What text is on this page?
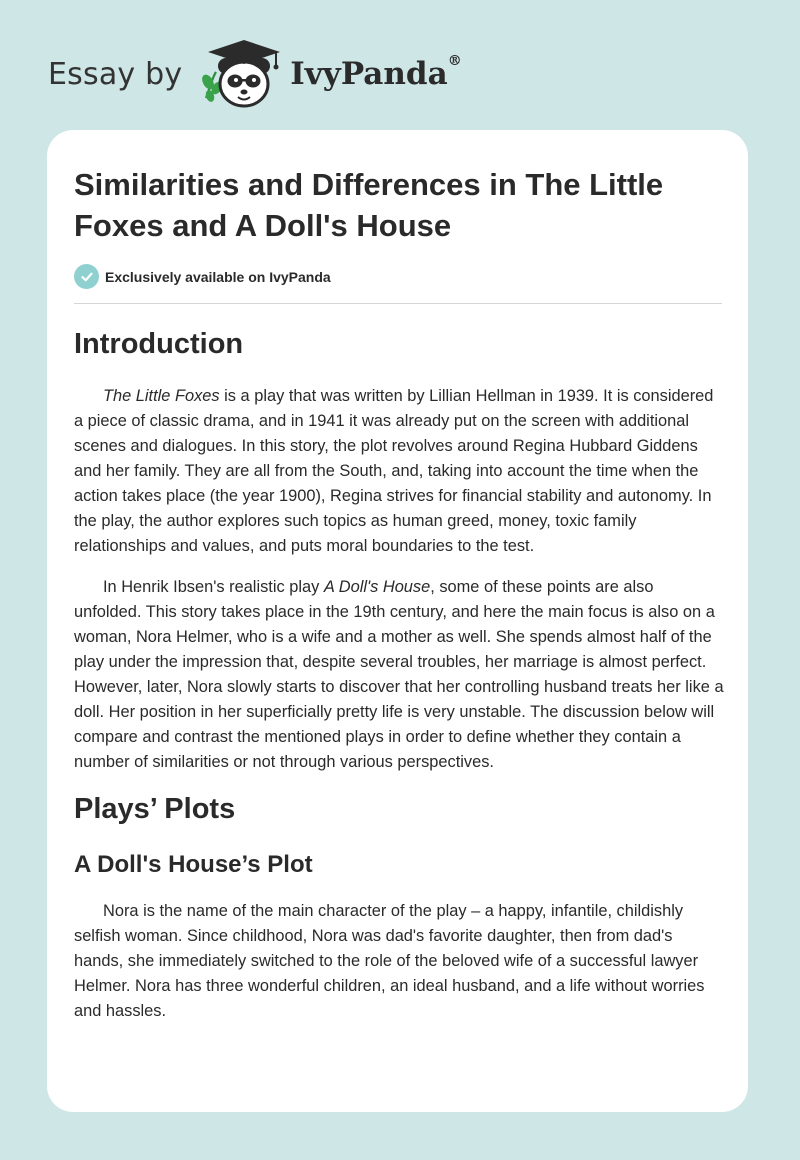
Essay by	IvyPanda®
Similarities and Differences in The Little Foxes and A Doll's House
Exclusively available on IvyPanda
Introduction

The Little Foxes is a play that was written by Lillian Hellman in 1939. It is considered a piece of classic drama, and in 1941 it was already put on the screen with additional scenes and dialogues. In this story, the plot revolves around Regina Hubbard Giddens and her family. They are all from the South, and, taking into account the time when the action takes place (the year 1900), Regina strives for financial stability and autonomy. In the play, the author explores such topics as human greed, money, toxic family relationships and values, and puts moral boundaries to the test.

In Henrik Ibsen's realistic play A Doll's House, some of these points are also unfolded. This story takes place in the 19th century, and here the main focus is also on a woman, Nora Helmer, who is a wife and a mother as well. She spends almost half of the play under the impression that, despite several troubles, her marriage is almost perfect. However, later, Nora slowly starts to discover that her controlling husband treats her like a doll. Her position in her superficially pretty life is very unstable. The discussion below will compare and contrast the mentioned plays in order to define whether they contain a number of similarities or not through various perspectives.

Plays’ Plots
A Doll's House’s Plot

Nora is the name of the main character of the play – a happy, infantile, childishly selfish woman. Since childhood, Nora was dad's favorite daughter, then from dad's hands, she immediately switched to the role of the beloved wife of a successful lawyer Helmer. Nora has three wonderful children, an ideal husband, and a life without worries and hassles.
